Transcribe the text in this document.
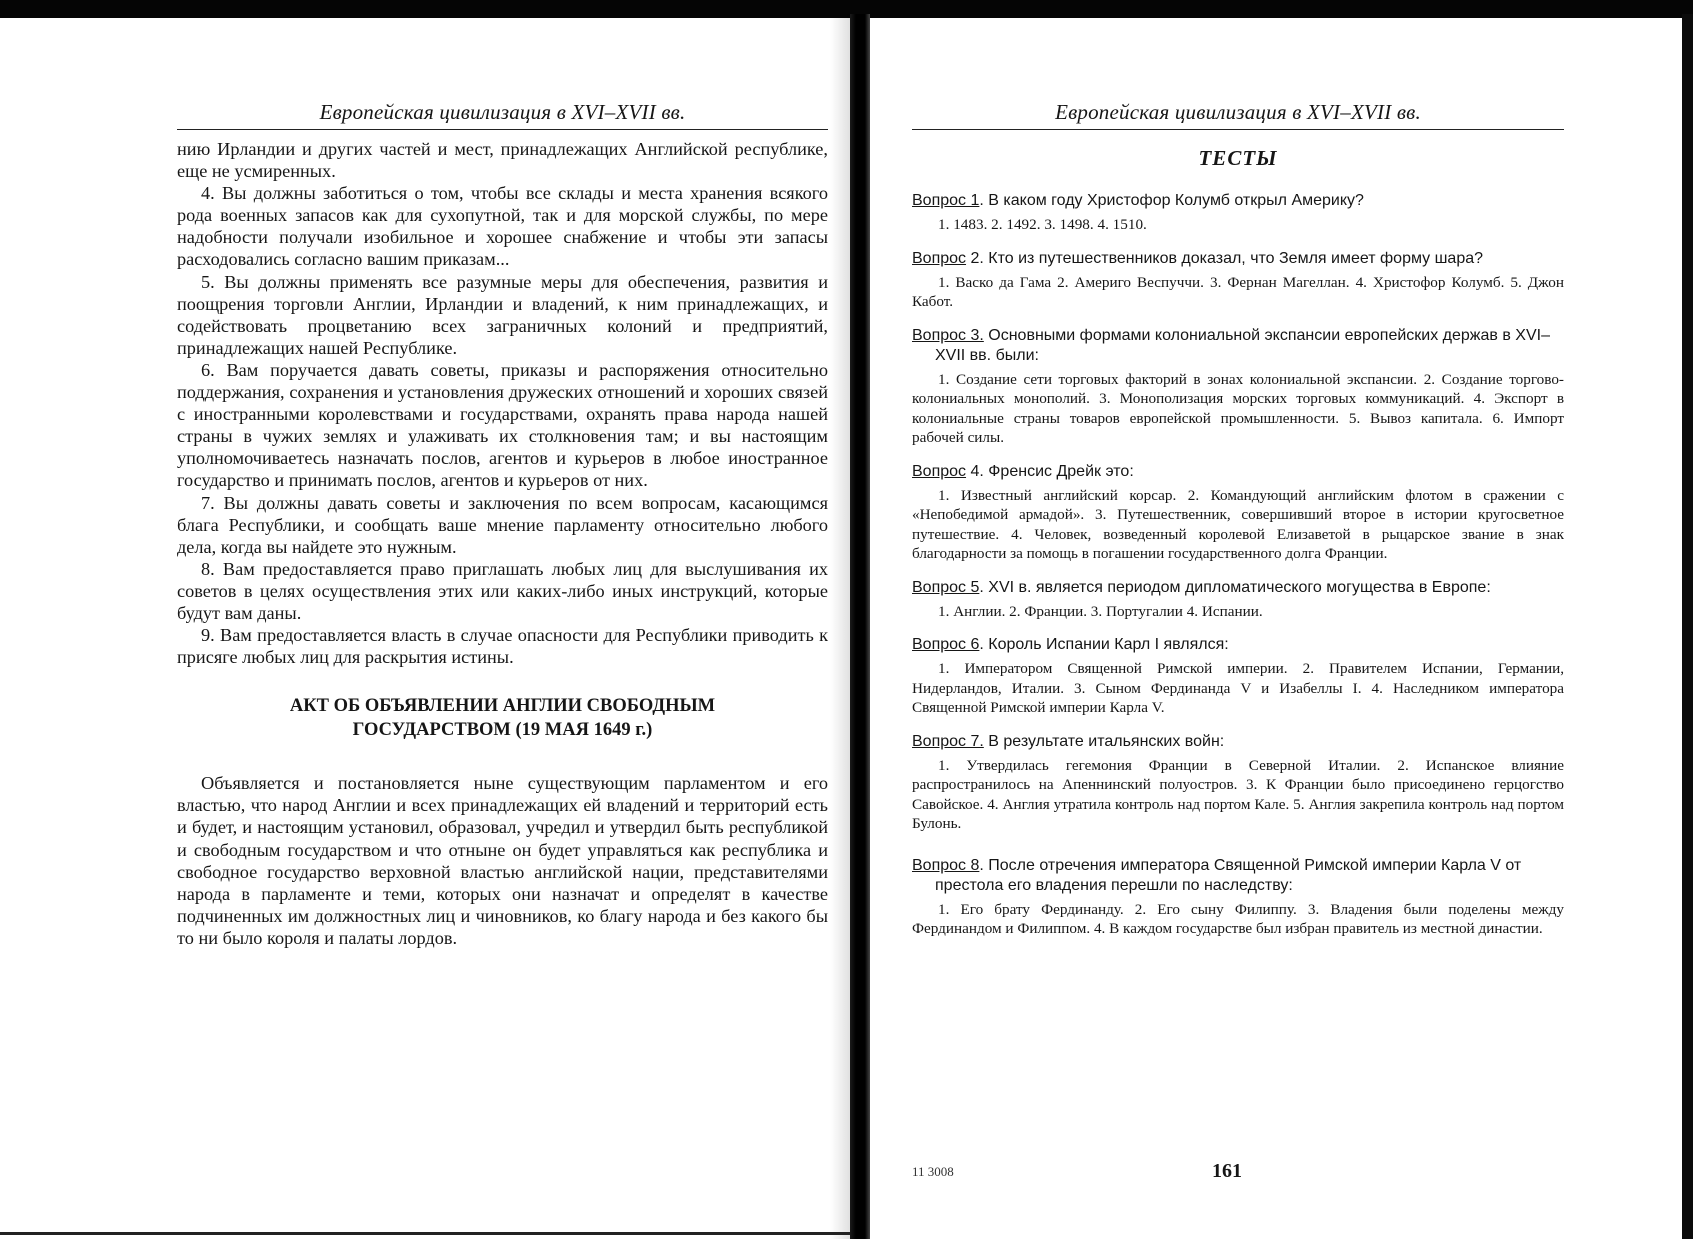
Европейская цивилизация в XVI–XVII вв.

нию Ирландии и других частей и мест, принадлежащих Английской республике, еще не усмиренных.

4. Вы должны заботиться о том, чтобы все склады и места хранения всякого рода военных запасов как для сухопутной, так и для морской службы, по мере надобности получали изобильное и хорошее снабжение и чтобы эти запасы расходовались согласно вашим приказам...

5. Вы должны применять все разумные меры для обеспечения, развития и поощрения торговли Англии, Ирландии и владений, к ним принадлежащих, и содействовать процветанию всех заграничных колоний и предприятий, принадлежащих нашей Республике.

6. Вам поручается давать советы, приказы и распоряжения относительно поддержания, сохранения и установления дружеских отношений и хороших связей с иностранными королевствами и государствами, охранять права народа нашей страны в чужих землях и улаживать их столкновения там; и вы настоящим уполномочиваетесь назначать послов, агентов и курьеров в любое иностранное государство и принимать послов, агентов и курьеров от них.

7. Вы должны давать советы и заключения по всем вопросам, касающимся блага Республики, и сообщать ваше мнение парламенту относительно любого дела, когда вы найдете это нужным.

8. Вам предоставляется право приглашать любых лиц для выслушивания их советов в целях осуществления этих или каких-либо иных инструкций, которые будут вам даны.

9. Вам предоставляется власть в случае опасности для Республики приводить к присяге любых лиц для раскрытия истины.

АКТ ОБ ОБЪЯВЛЕНИИ АНГЛИИ СВОБОДНЫМ
ГОСУДАРСТВОМ (19 МАЯ 1649 г.)

Объявляется и постановляется ныне существующим парламентом и его властью, что народ Англии и всех принадлежащих ей владений и территорий есть и будет, и настоящим установил, образовал, учредил и утвердил быть республикой и свободным государством и что отныне он будет управляться как республика и свободное государство верховной властью английской нации, представителями народа в парламенте и теми, которых они назначат и определят в качестве подчиненных им должностных лиц и чиновников, ко благу народа и без какого бы то ни было короля и палаты лордов.

Европейская цивилизация в XVI–XVII вв.
ТЕСТЫ
Вопрос 1. В каком году Христофор Колумб открыл Америку?
1. 1483. 2. 1492. 3. 1498. 4. 1510.
Вопрос 2. Кто из путешественников доказал, что Земля имеет форму шара?
1. Васко да Гама 2. Америго Веспуччи. 3. Фернан Магеллан. 4. Христофор Колумб. 5. Джон Кабот.
Вопрос 3. Основными формами колониальной экспансии европейских держав в XVI–XVII вв. были:
1. Создание сети торговых факторий в зонах колониальной экспансии. 2. Создание торгово-колониальных монополий. 3. Монополизация морских торговых коммуникаций. 4. Экспорт в колониальные страны товаров европейской промышленности. 5. Вывоз капитала. 6. Импорт рабочей силы.
Вопрос 4. Френсис Дрейк это:
1. Известный английский корсар. 2. Командующий английским флотом в сражении с «Непобедимой армадой». 3. Путешественник, совершивший второе в истории кругосветное путешествие. 4. Человек, возведенный королевой Елизаветой в рыцарское звание в знак благодарности за помощь в погашении государственного долга Франции.
Вопрос 5. XVI в. является периодом дипломатического могущества в Европе:
1. Англии. 2. Франции. 3. Португалии 4. Испании.
Вопрос 6. Король Испании Карл I являлся:
1. Императором Священной Римской империи. 2. Правителем Испании, Германии, Нидерландов, Италии. 3. Сыном Фердинанда V и Изабеллы I. 4. Наследником императора Священной Римской империи Карла V.
Вопрос 7. В результате итальянских войн:
1. Утвердилась гегемония Франции в Северной Италии. 2. Испанское влияние распространилось на Апеннинский полуостров. 3. К Франции было присоединено герцогство Савойское. 4. Англия утратила контроль над портом Кале. 5. Англия закрепила контроль над портом Булонь.
Вопрос 8. После отречения императора Священной Римской империи Карла V от престола его владения перешли по наследству:
1. Его брату Фердинанду. 2. Его сыну Филиппу. 3. Владения были поделены между Фердинандом и Филиппом. 4. В каждом государстве был избран правитель из местной династии.
11 3008	161
